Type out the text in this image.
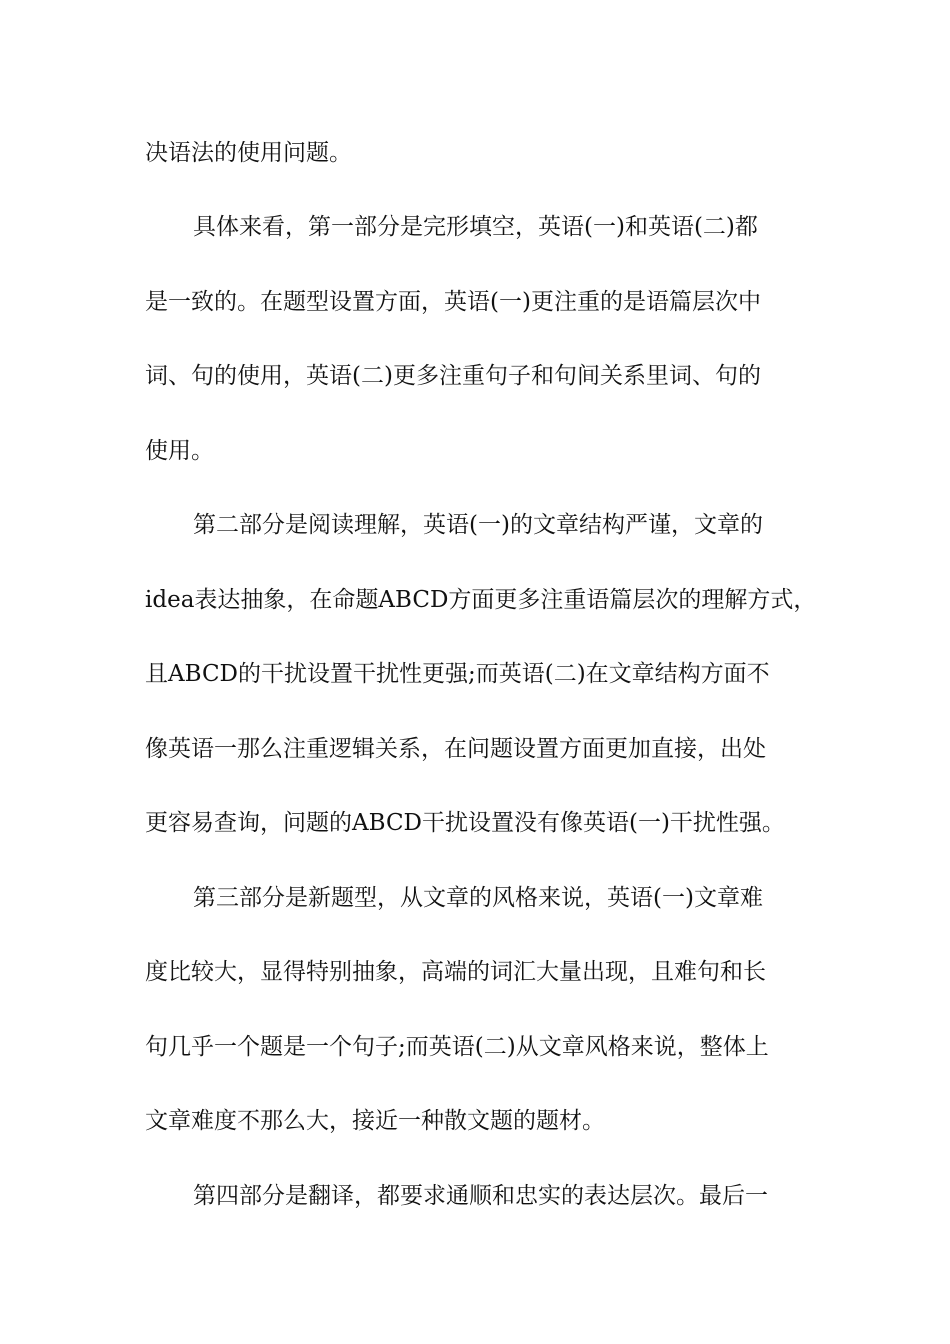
决语法的使用问题。

具体来看，第一部分是完形填空，英语(一)和英语(二)都

是一致的。在题型设置方面，英语(一)更注重的是语篇层次中

词、句的使用，英语(二)更多注重句子和句间关系里词、句的

使用。

第二部分是阅读理解，英语(一)的文章结构严谨，文章的

idea表达抽象，在命题ABCD方面更多注重语篇层次的理解方式，

且ABCD的干扰设置干扰性更强;而英语(二)在文章结构方面不

像英语一那么注重逻辑关系，在问题设置方面更加直接，出处

更容易查询，问题的ABCD干扰设置没有像英语(一)干扰性强。

第三部分是新题型，从文章的风格来说，英语(一)文章难

度比较大，显得特别抽象，高端的词汇大量出现，且难句和长

句几乎一个题是一个句子;而英语(二)从文章风格来说，整体上

文章难度不那么大，接近一种散文题的题材。

第四部分是翻译，都要求通顺和忠实的表达层次。最后一
